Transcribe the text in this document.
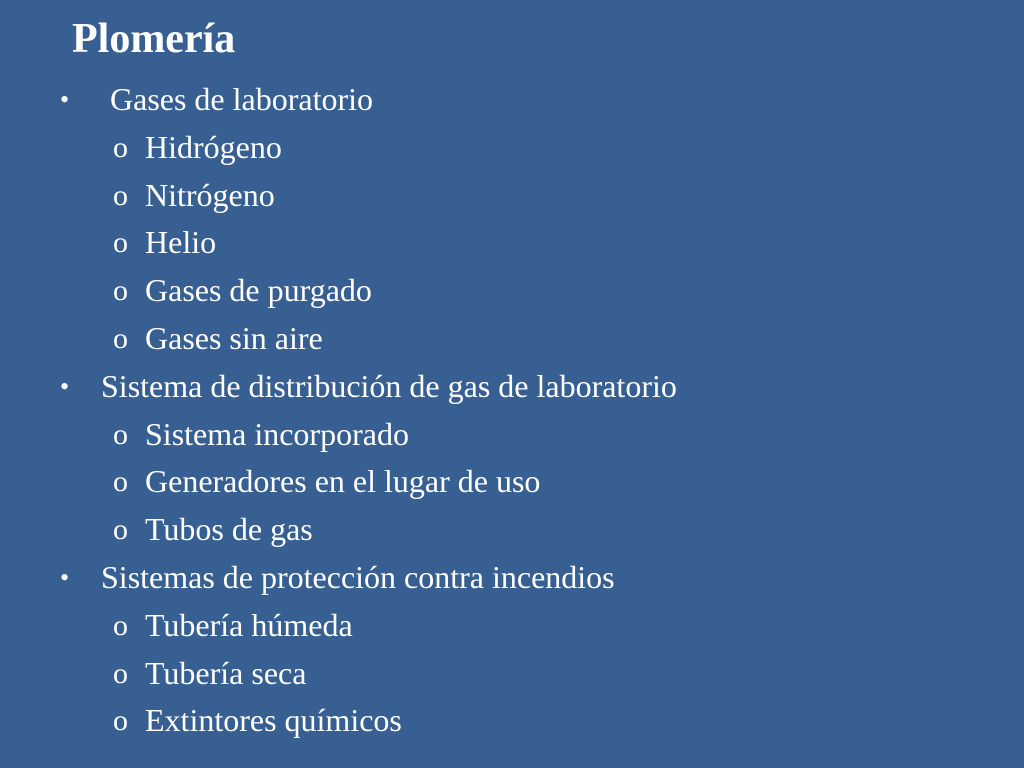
Plomería
• Gases de laboratorio
o Hidrógeno
o Nitrógeno
o Helio
o Gases de purgado
o Gases sin aire
• Sistema de distribución de gas de laboratorio
o Sistema incorporado
o Generadores en el lugar de uso
o Tubos de gas
• Sistemas de protección contra incendios
o Tubería húmeda
o Tubería seca
o Extintores químicos
